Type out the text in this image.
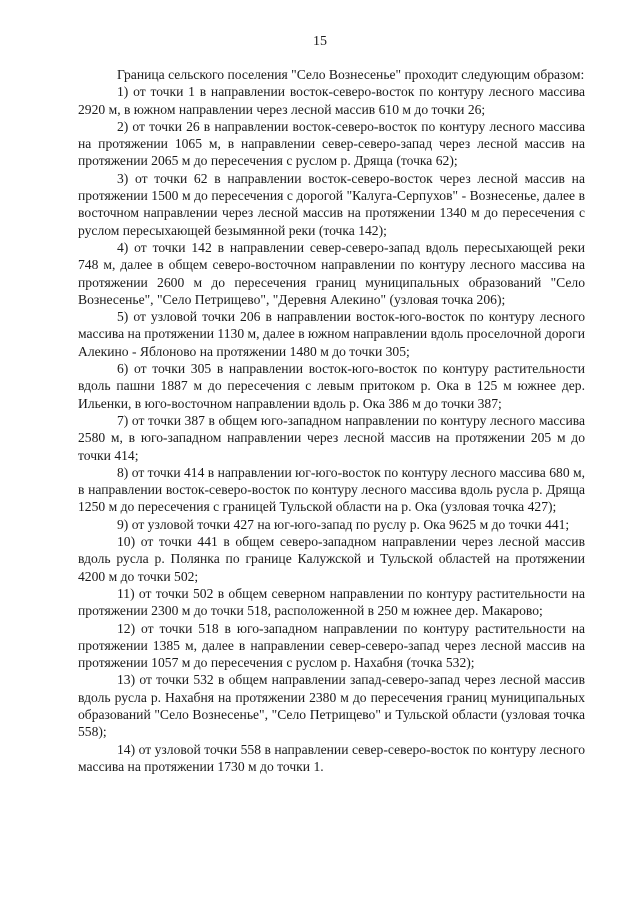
15

Граница сельского поселения "Село Вознесенье" проходит следующим образом:

1) от точки 1 в направлении восток-северо-восток по контуру лесного массива 2920 м, в южном направлении через лесной массив 610 м до точки 26;

2) от точки 26 в направлении восток-северо-восток по контуру лесного массива на протяжении 1065 м, в направлении север-северо-запад через лесной массив на протяжении 2065 м до пересечения с руслом р. Дряща (точка 62);

3) от точки 62 в направлении восток-северо-восток через лесной массив на протяжении 1500 м до пересечения с дорогой "Калуга-Серпухов" - Вознесенье, далее в восточном направлении через лесной массив на протяжении 1340 м до пересечения с руслом пересыхающей безымянной реки (точка 142);

4) от точки 142 в направлении север-северо-запад вдоль пересыхающей реки 748 м, далее в общем северо-восточном направлении по контуру лесного массива на протяжении 2600 м до пересечения границ муниципальных образований "Село Вознесенье", "Село Петрищево", "Деревня Алекино" (узловая точка 206);

5) от узловой точки 206 в направлении восток-юго-восток по контуру лесного массива на протяжении 1130 м, далее в южном направлении вдоль проселочной дороги Алекино - Яблоново на протяжении 1480 м до точки 305;

6) от точки 305 в направлении восток-юго-восток по контуру растительности вдоль пашни 1887 м до пересечения с левым притоком р. Ока в 125 м южнее дер. Ильенки, в юго-восточном направлении вдоль р. Ока 386 м до точки 387;

7) от точки 387 в общем юго-западном направлении по контуру лесного массива 2580 м, в юго-западном направлении через лесной массив на протяжении 205 м до точки 414;

8) от точки 414 в направлении юг-юго-восток по контуру лесного массива 680 м, в направлении восток-северо-восток по контуру лесного массива вдоль русла р. Дряща 1250 м до пересечения с границей Тульской области на р. Ока (узловая точка 427);

9) от узловой точки 427 на юг-юго-запад по руслу р. Ока 9625 м до точки 441;

10) от точки 441 в общем северо-западном направлении через лесной массив вдоль русла р. Полянка по границе Калужской и Тульской областей на протяжении 4200 м до точки 502;

11) от точки 502 в общем северном направлении по контуру растительности на протяжении 2300 м до точки 518, расположенной в 250 м южнее дер. Макарово;

12) от точки 518 в юго-западном направлении по контуру растительности на протяжении 1385 м, далее в направлении север-северо-запад через лесной массив на протяжении 1057 м до пересечения с руслом р. Нахабня (точка 532);

13) от точки 532 в общем направлении запад-северо-запад через лесной массив вдоль русла р. Нахабня на протяжении 2380 м до пересечения границ муниципальных образований "Село Вознесенье", "Село Петрищево" и Тульской области (узловая точка 558);

14) от узловой точки 558 в направлении север-северо-восток по контуру лесного массива на протяжении 1730 м до точки 1.
